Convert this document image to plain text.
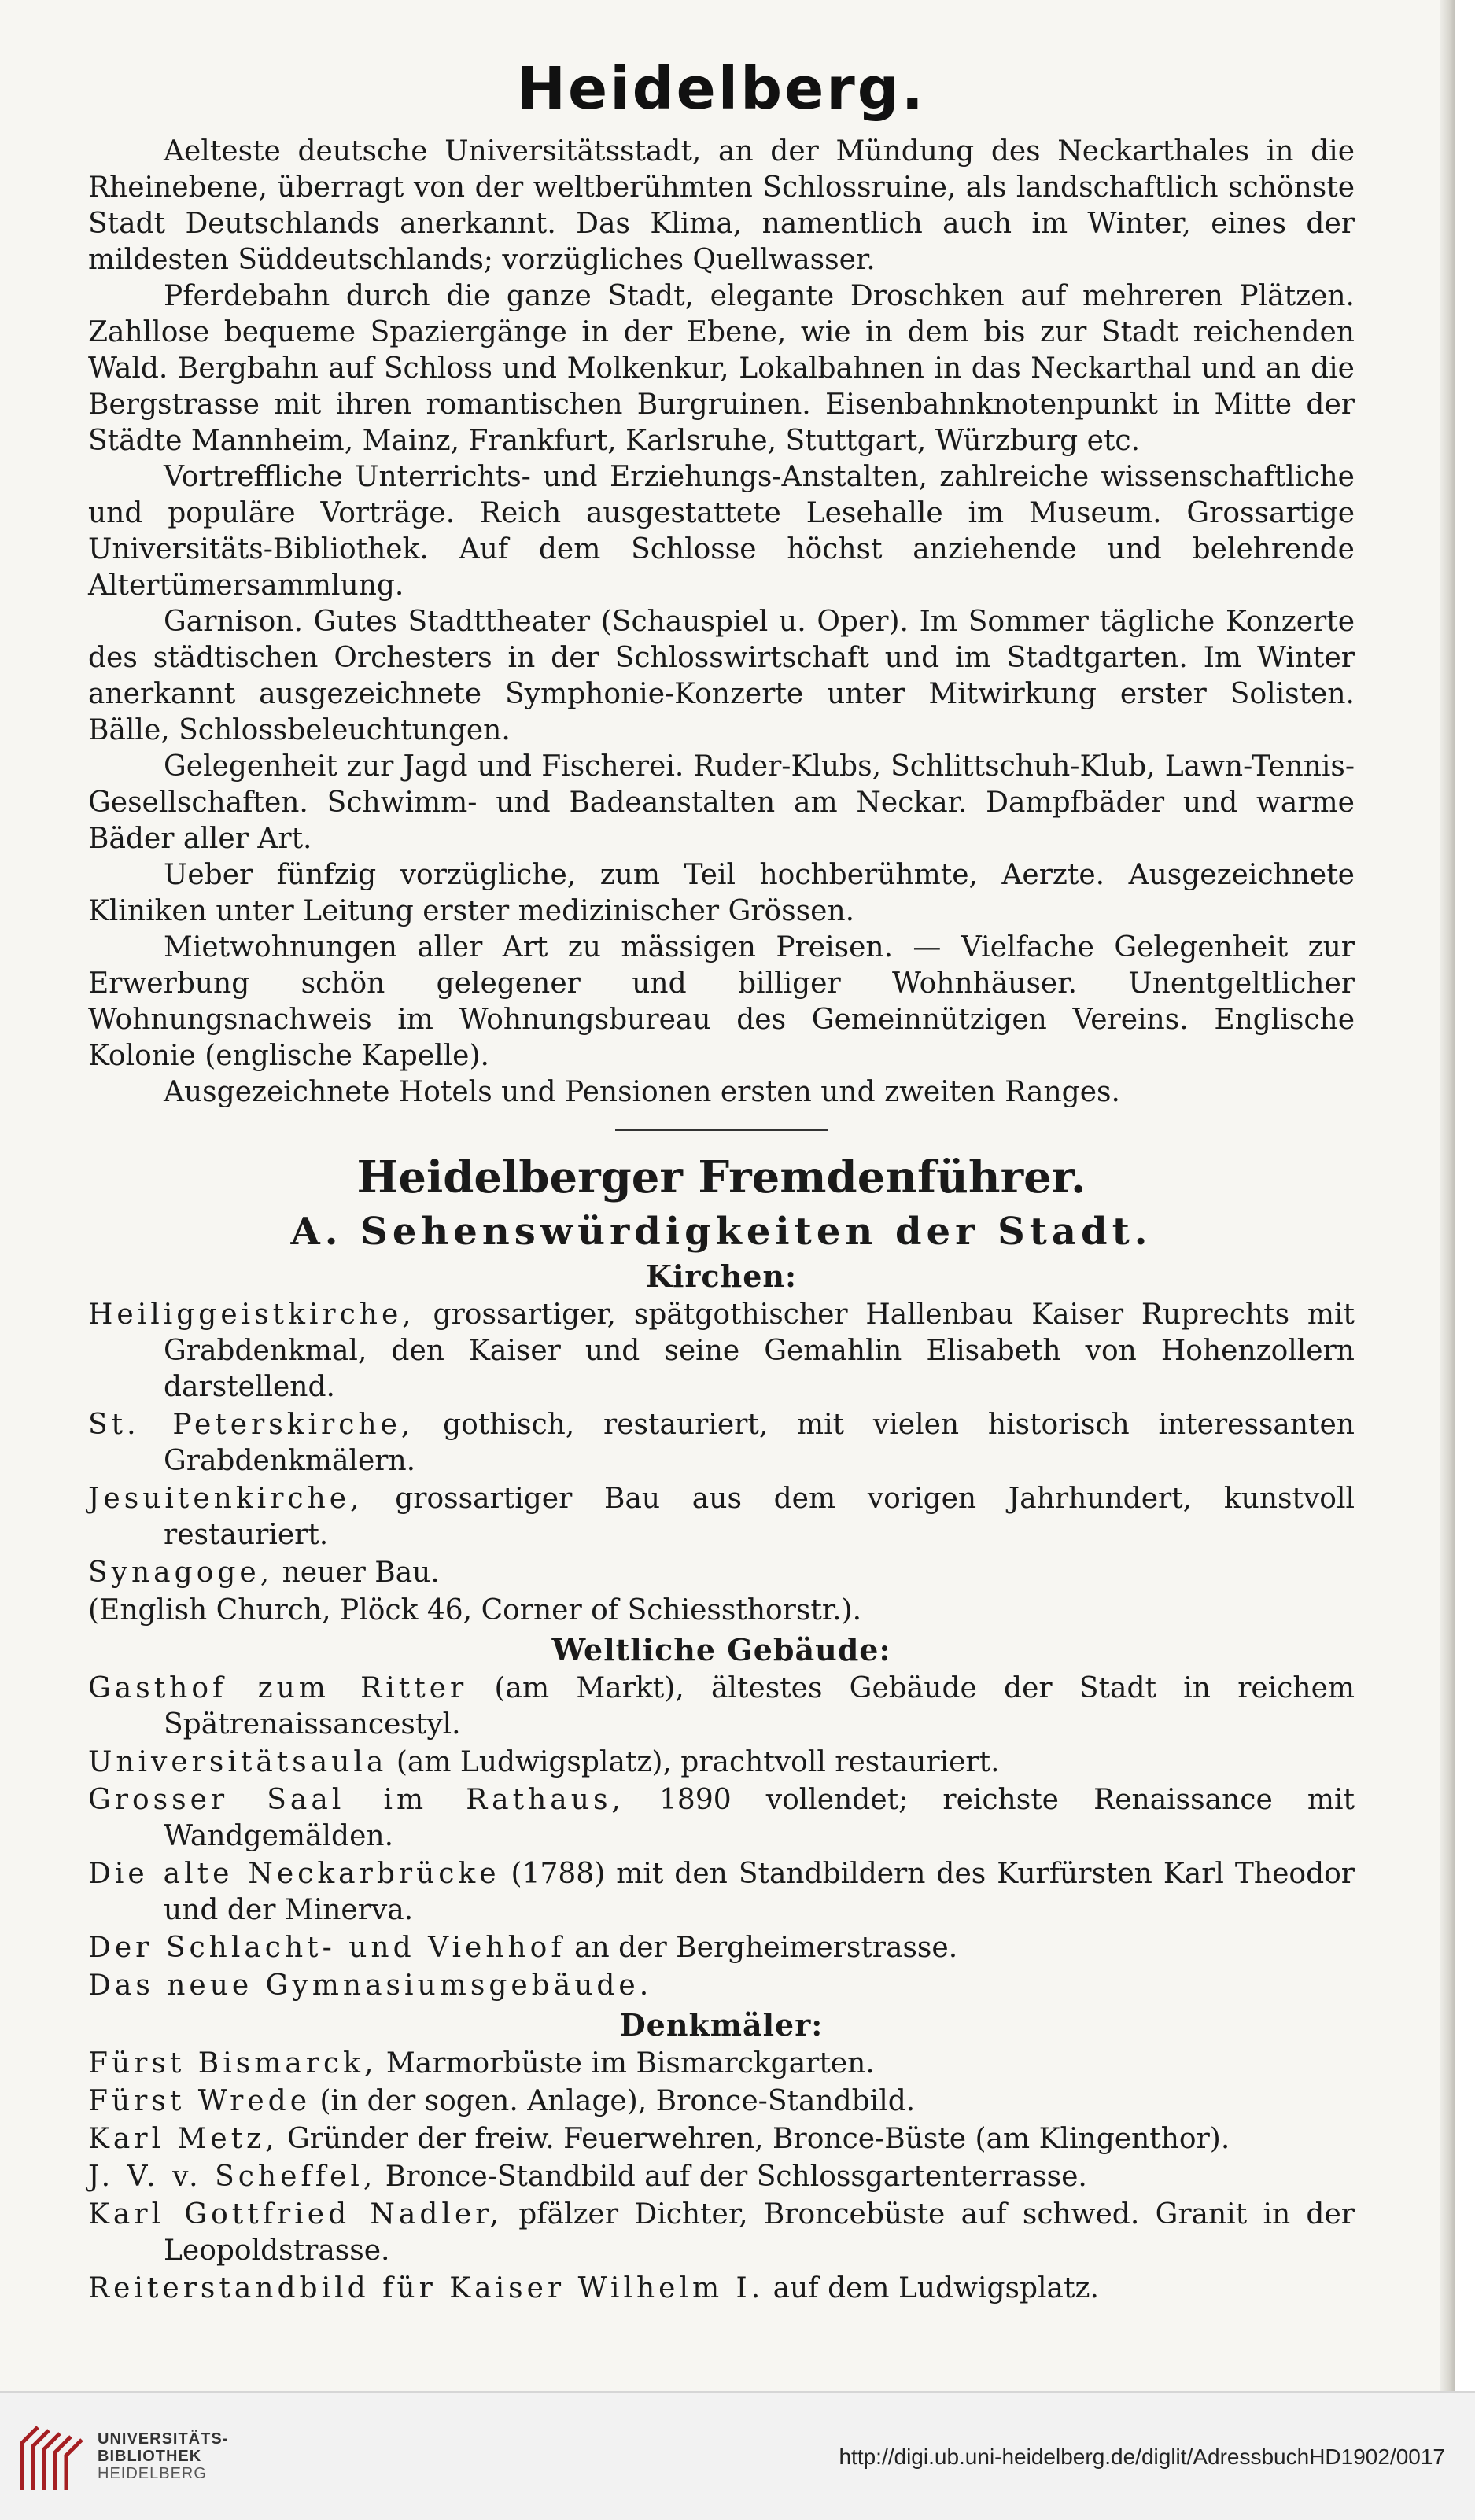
Heidelberg.

Aelteste deutsche Universitätsstadt, an der Mündung des Neckarthales in die Rheinebene, überragt von der weltberühmten Schlossruine, als landschaftlich schönste Stadt Deutschlands anerkannt. Das Klima, namentlich auch im Winter, eines der mildesten Süddeutschlands; vorzügliches Quellwasser.

Pferdebahn durch die ganze Stadt, elegante Droschken auf mehreren Plätzen. Zahllose bequeme Spaziergänge in der Ebene, wie in dem bis zur Stadt reichenden Wald. Bergbahn auf Schloss und Molkenkur, Lokalbahnen in das Neckarthal und an die Bergstrasse mit ihren romantischen Burgruinen. Eisenbahnknotenpunkt in Mitte der Städte Mannheim, Mainz, Frankfurt, Karlsruhe, Stuttgart, Würzburg etc.

Vortreffliche Unterrichts- und Erziehungs-Anstalten, zahlreiche wissenschaftliche und populäre Vorträge. Reich ausgestattete Lesehalle im Museum. Grossartige Universitäts-Bibliothek. Auf dem Schlosse höchst anziehende und belehrende Altertümersammlung.

Garnison. Gutes Stadttheater (Schauspiel u. Oper). Im Sommer tägliche Konzerte des städtischen Orchesters in der Schlosswirtschaft und im Stadtgarten. Im Winter anerkannt ausgezeichnete Symphonie-Konzerte unter Mitwirkung erster Solisten. Bälle, Schlossbeleuchtungen.

Gelegenheit zur Jagd und Fischerei. Ruder-Klubs, Schlittschuh-Klub, Lawn-Tennis-Gesellschaften. Schwimm- und Badeanstalten am Neckar. Dampfbäder und warme Bäder aller Art.

Ueber fünfzig vorzügliche, zum Teil hochberühmte, Aerzte. Ausgezeichnete Kliniken unter Leitung erster medizinischer Grössen.

Mietwohnungen aller Art zu mässigen Preisen. — Vielfache Gelegenheit zur Erwerbung schön gelegener und billiger Wohnhäuser. Unentgeltlicher Wohnungsnachweis im Wohnungsbureau des Gemeinnützigen Vereins. Englische Kolonie (englische Kapelle).

Ausgezeichnete Hotels und Pensionen ersten und zweiten Ranges.

Heidelberger Fremdenführer.
A. Sehenswürdigkeiten der Stadt.
Kirchen:
Heiliggeistkirche, grossartiger, spätgothischer Hallenbau Kaiser Ruprechts mit Grabdenkmal, den Kaiser und seine Gemahlin Elisabeth von Hohenzollern darstellend.
St. Peterskirche, gothisch, restauriert, mit vielen historisch interessanten Grabdenkmälern.
Jesuitenkirche, grossartiger Bau aus dem vorigen Jahrhundert, kunstvoll restauriert.
Synagoge, neuer Bau.
(English Church, Plöck 46, Corner of Schiessthorstr.).
Weltliche Gebäude:
Gasthof zum Ritter (am Markt), ältestes Gebäude der Stadt in reichem Spätrenaissancestyl.
Universitätsaula (am Ludwigsplatz), prachtvoll restauriert.
Grosser Saal im Rathaus, 1890 vollendet; reichste Renaissance mit Wandgemälden.
Die alte Neckarbrücke (1788) mit den Standbildern des Kurfürsten Karl Theodor und der Minerva.
Der Schlacht- und Viehhof an der Bergheimerstrasse.
Das neue Gymnasiumsgebäude.
Denkmäler:
Fürst Bismarck, Marmorbüste im Bismarckgarten.
Fürst Wrede (in der sogen. Anlage), Bronce-Standbild.
Karl Metz, Gründer der freiw. Feuerwehren, Bronce-Büste (am Klingenthor).
J. V. v. Scheffel, Bronce-Standbild auf der Schlossgartenterrasse.
Karl Gottfried Nadler, pfälzer Dichter, Broncebüste auf schwed. Granit in der Leopoldstrasse.
Reiterstandbild für Kaiser Wilhelm I. auf dem Ludwigsplatz.
UNIVERSITÄTS-
BIBLIOTHEK
HEIDELBERG
http://digi.ub.uni-heidelberg.de/diglit/AdressbuchHD1902/0017
